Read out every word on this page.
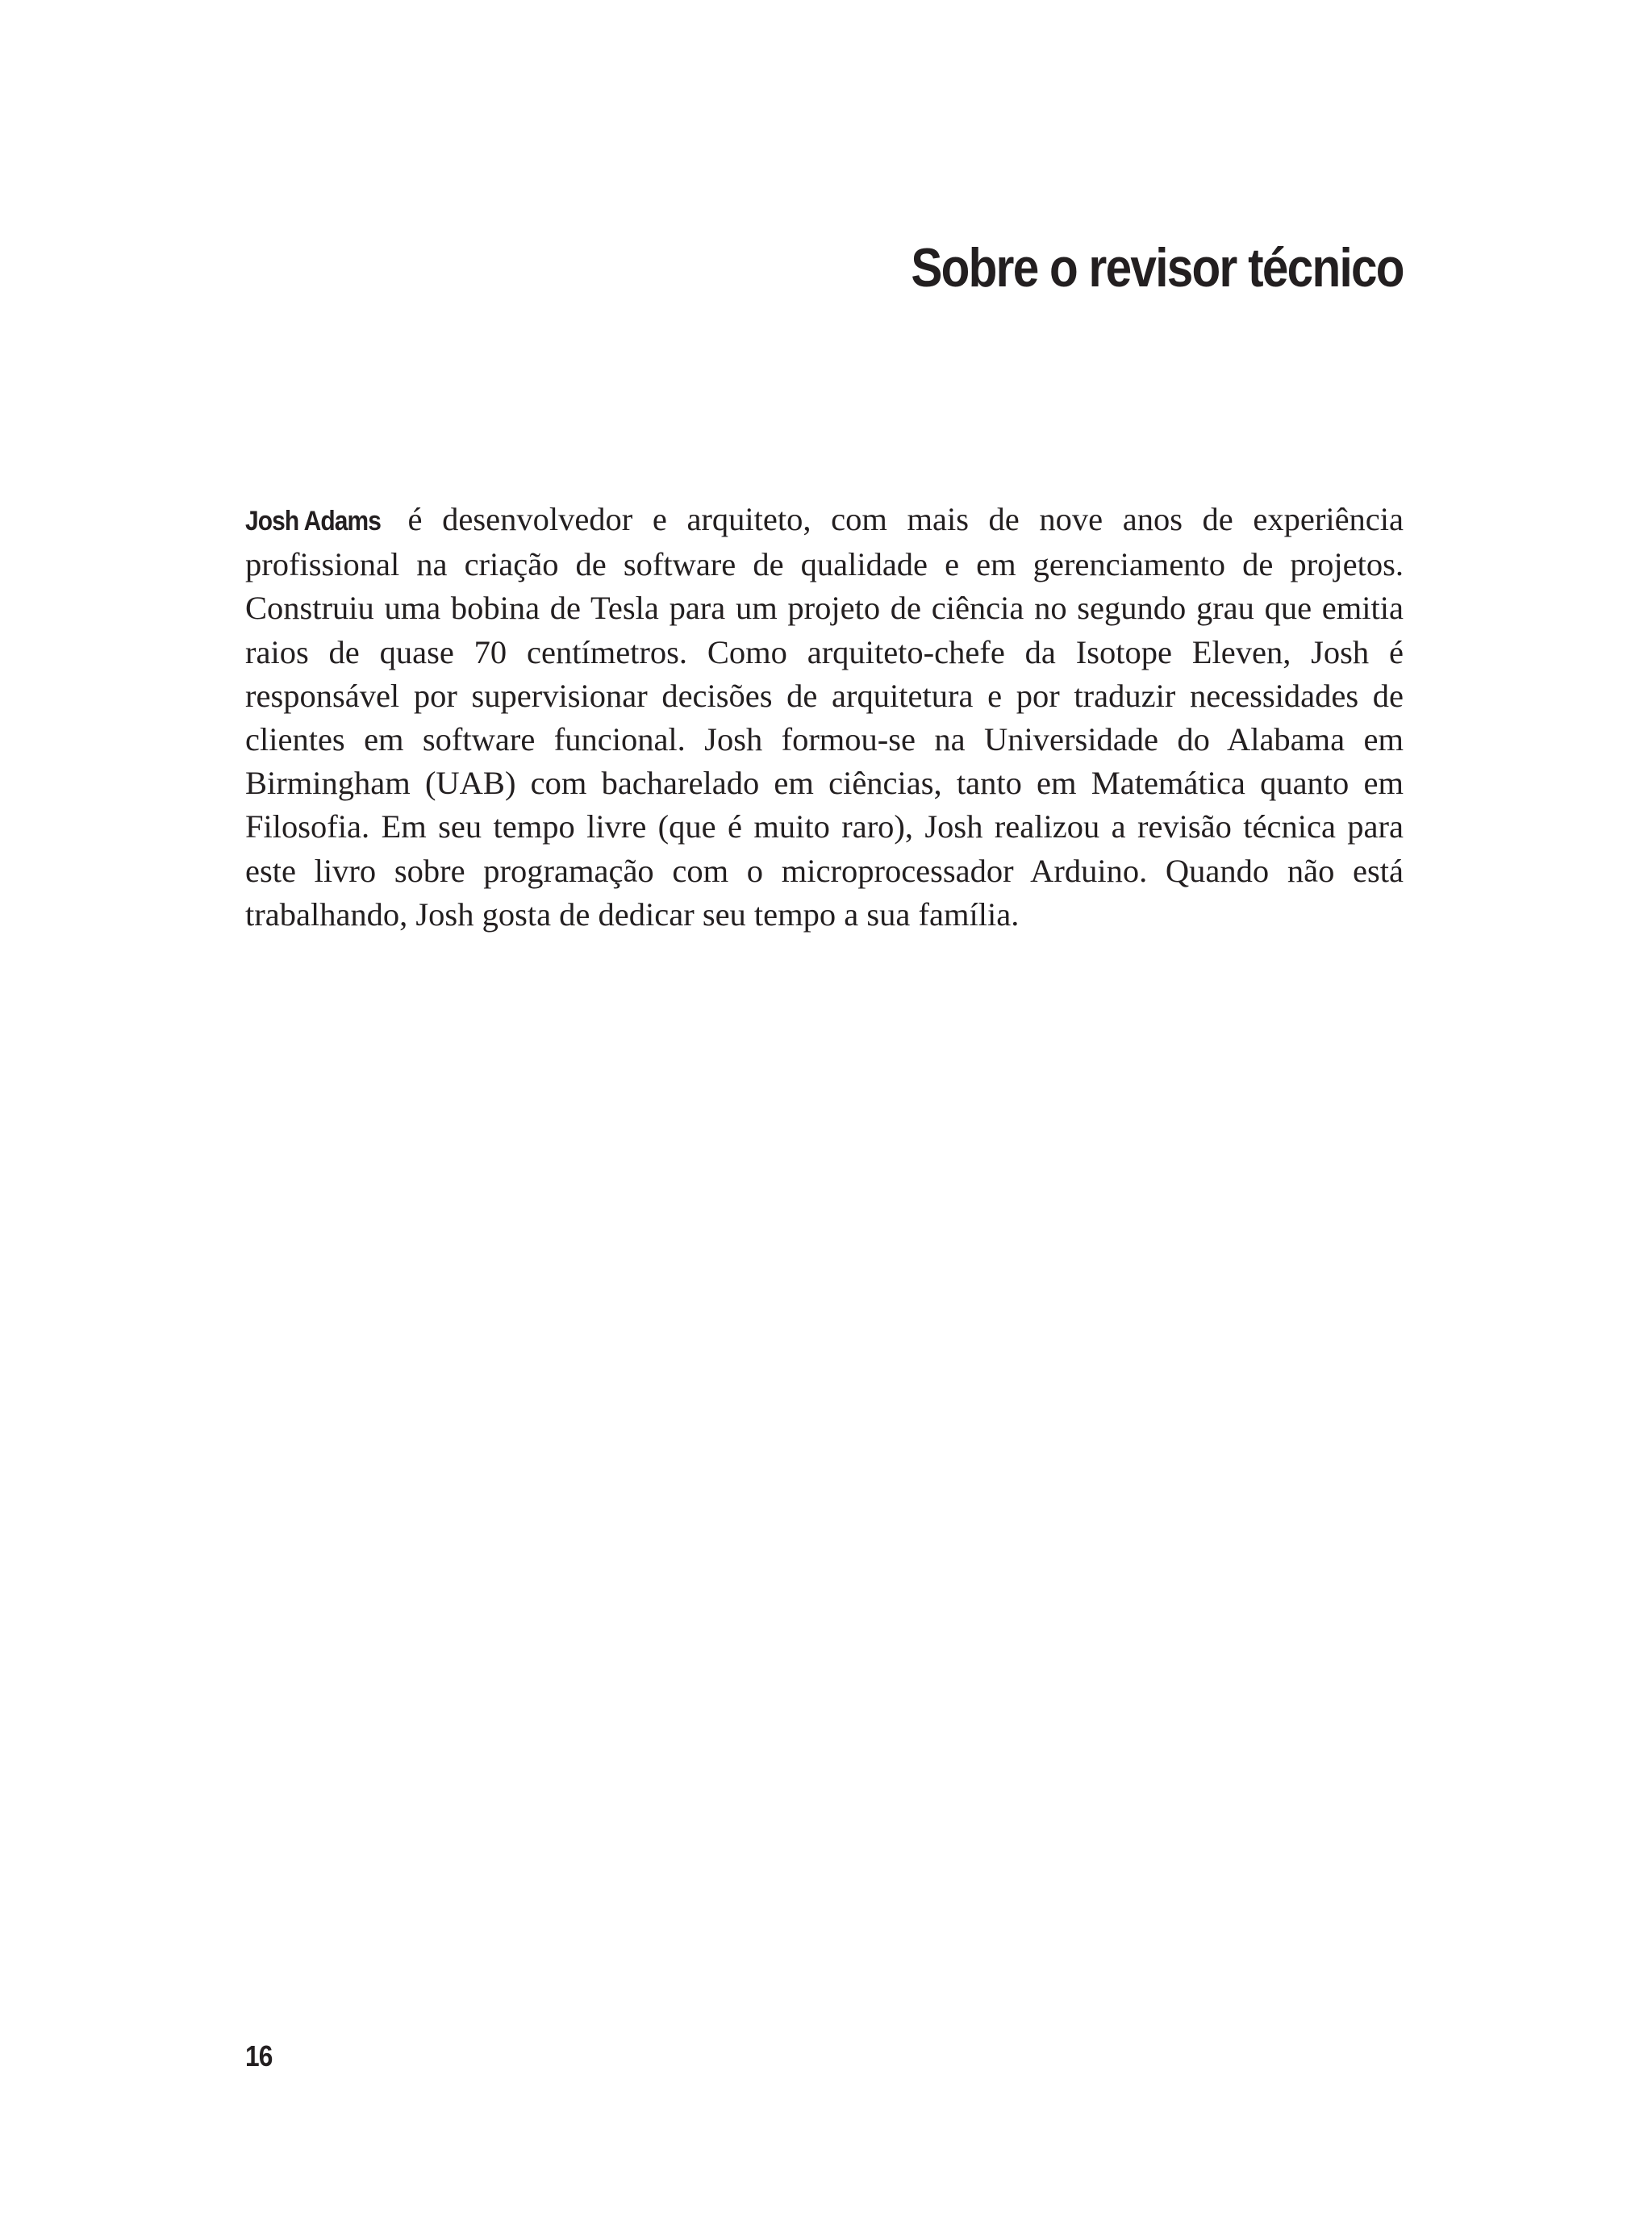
Sobre o revisor técnico

Josh Adams é desenvolvedor e arquiteto, com mais de nove anos de experiência profissional na criação de software de qualidade e em gerenciamento de projetos. Construiu uma bobina de Tesla para um projeto de ciência no segundo grau que emitia raios de quase 70 centímetros. Como arquiteto-chefe da Isotope Eleven, Josh é responsável por supervisionar decisões de arquitetura e por traduzir necessidades de clientes em software funcional. Josh formou-se na Universidade do Alabama em Birmingham (UAB) com bacharelado em ciências, tanto em Matemática quanto em Filosofia. Em seu tempo livre (que é muito raro), Josh realizou a revisão técnica para este livro sobre programação com o microprocessador Arduino. Quando não está trabalhando, Josh gosta de dedicar seu tempo a sua família.

16
